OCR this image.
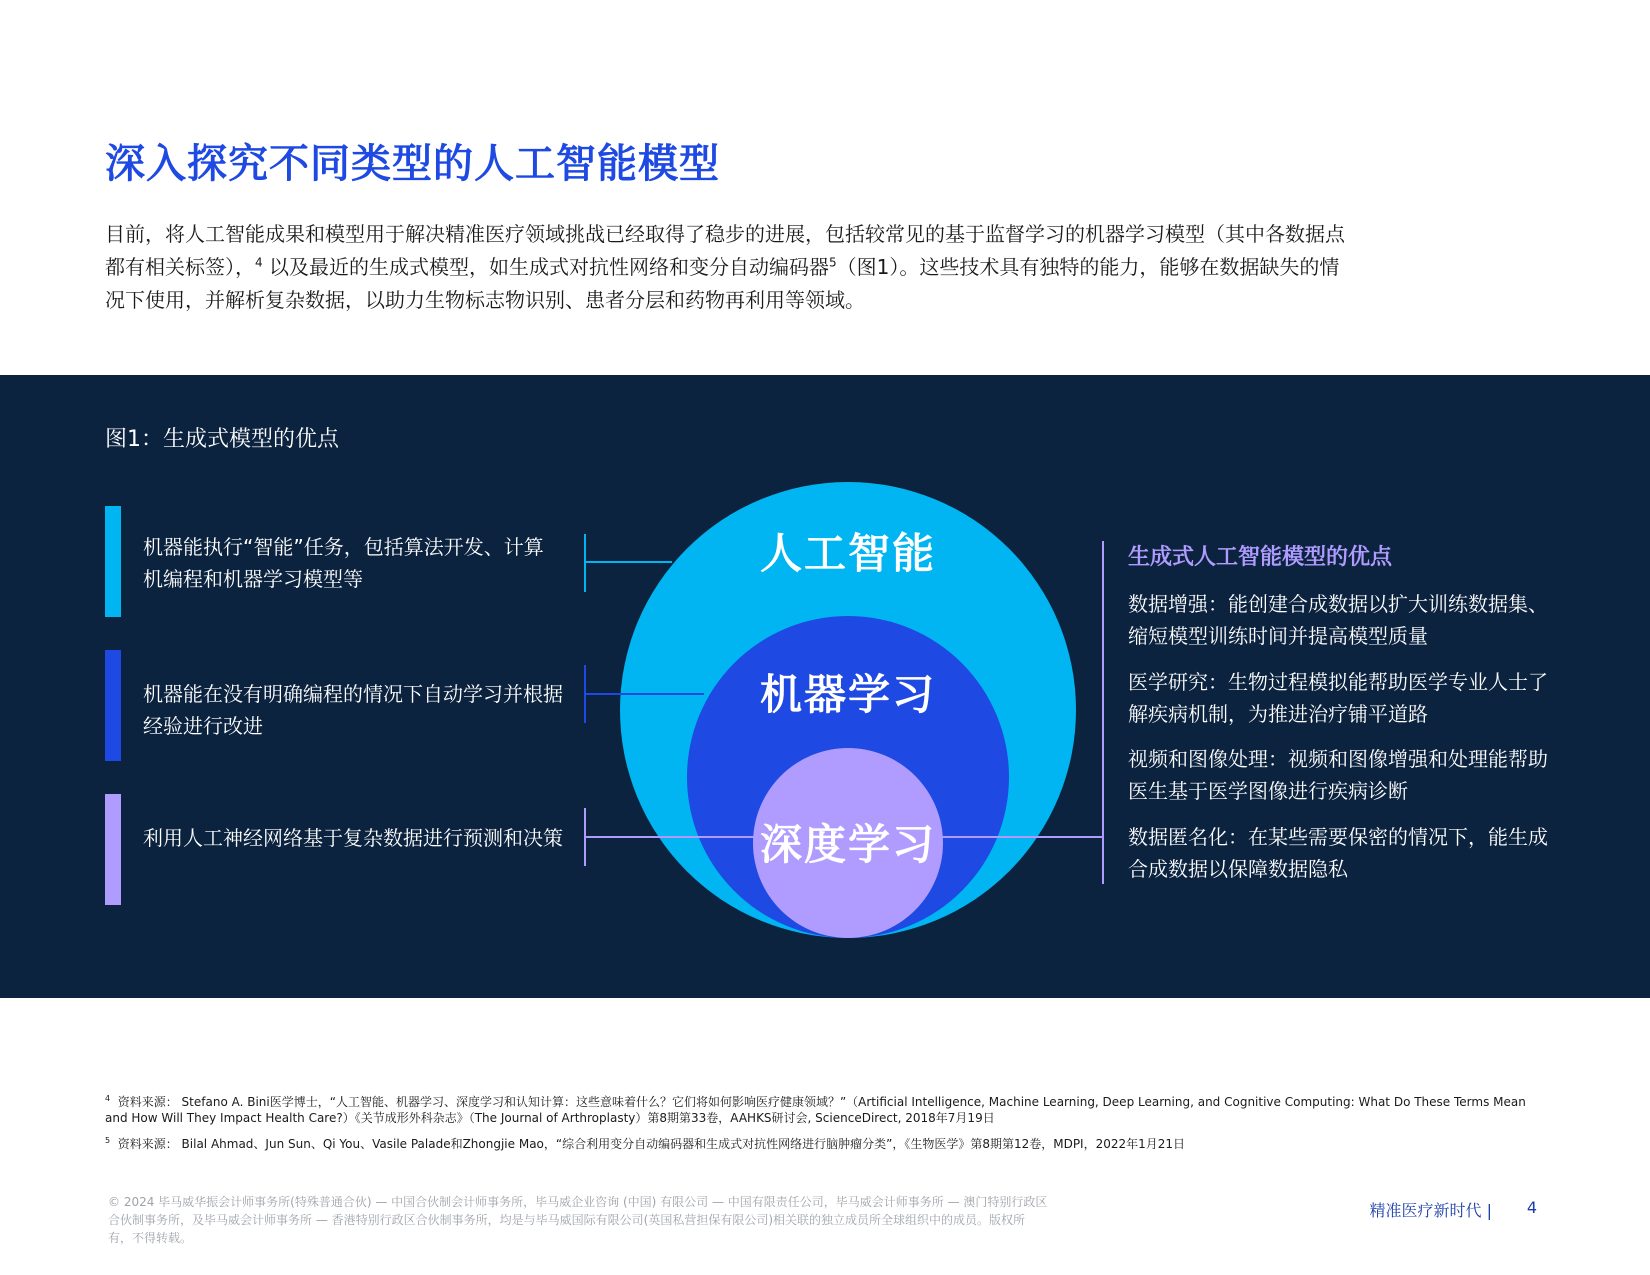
深入探究不同类型的人工智能模型

目前，将人工智能成果和模型用于解决精准医疗领域挑战已经取得了稳步的进展，包括较常见的基于监督学习的机器学习模型（其中各数据点都有相关标签），$^4$ 以及最近的生成式模型，如生成式对抗性网络和变分自动编码器$^5$（图1）。这些技术具有独特的能力，能够在数据缺失的情况下使用，并解析复杂数据，以助力生物标志物识别、患者分层和药物再利用等领域。

图1：生成式模型的优点
机器能执行“智能”任务，包括算法开发、计算机编程和机器学习模型等
机器能在没有明确编程的情况下自动学习并根据经验进行改进
利用人工神经网络基于复杂数据进行预测和决策
人工智能
机器学习
深度学习
生成式人工智能模型的优点
数据增强：能创建合成数据以扩大训练数据集、缩短模型训练时间并提高模型质量
医学研究：生物过程模拟能帮助医学专业人士了解疾病机制，为推进治疗铺平道路
视频和图像处理：视频和图像增强和处理能帮助医生基于医学图像进行疾病诊断
数据匿名化：在某些需要保密的情况下，能生成合成数据以保障数据隐私
$^4$ 资料来源： Stefano A. Bini医学博士，“人工智能、机器学习、深度学习和认知计算：这些意味着什么？它们将如何影响医疗健康领域？”（Artificial Intelligence, Machine Learning, Deep Learning, and Cognitive Computing: What Do These Terms Mean and How Will They Impact Health Care?）《关节成形外科杂志》（The Journal of Arthroplasty）第8期第33卷，AAHKS研讨会, ScienceDirect, 2018年7月19日
$^5$ 资料来源： Bilal Ahmad、Jun Sun、Qi You、Vasile Palade和Zhongjie Mao，“综合利用变分自动编码器和生成式对抗性网络进行脑肿瘤分类”，《生物医学》第8期第12卷，MDPI，2022年1月21日
© 2024 毕马威华振会计师事务所(特殊普通合伙) — 中国合伙制会计师事务所，毕马威企业咨询 (中国) 有限公司 — 中国有限责任公司，毕马威会计师事务所 — 澳门特别行政区合伙制事务所，及毕马威会计师事务所 — 香港特别行政区合伙制事务所，均是与毕马威国际有限公司(英国私营担保有限公司)相关联的独立成员所全球组织中的成员。版权所有，不得转载。
精准医疗新时代 | 4
